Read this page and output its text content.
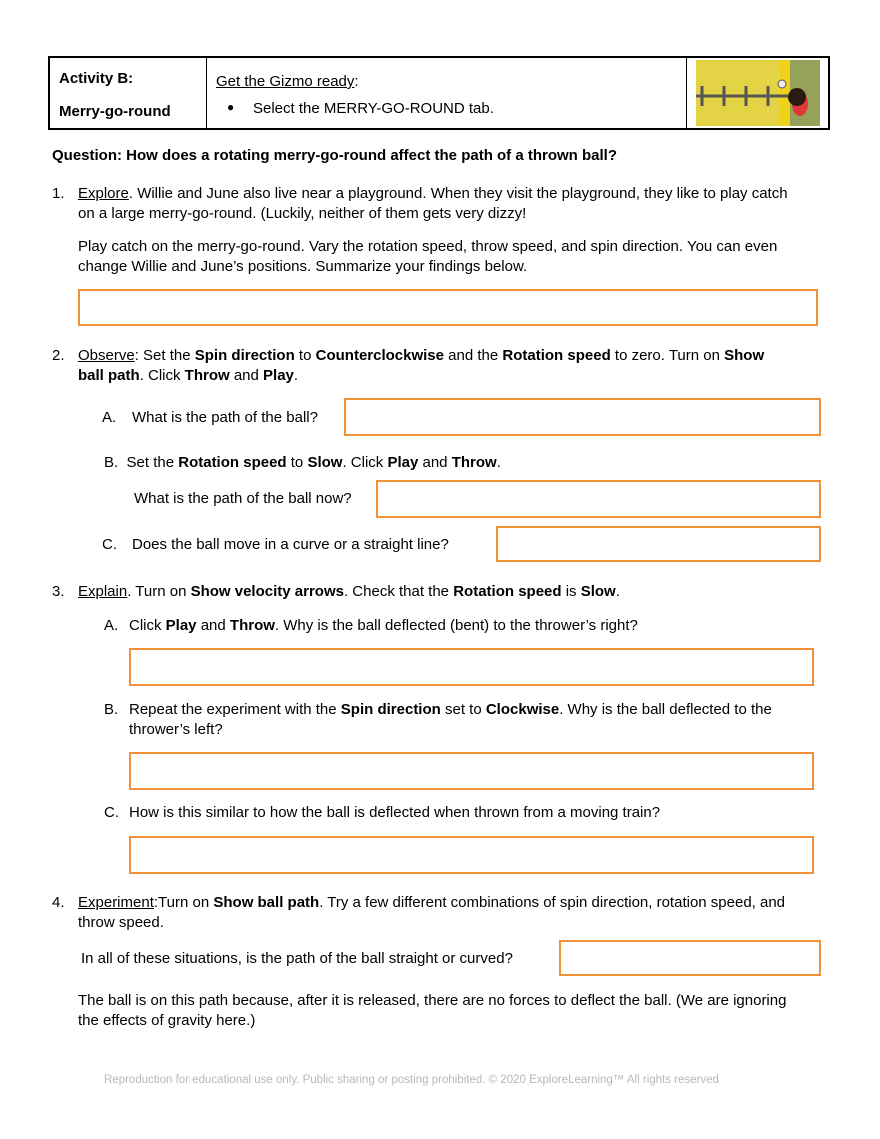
Activity B:
Merry-go-round
Get the Gizmo ready:
● Select the MERRY-GO-ROUND tab.
Question: How does a rotating merry-go-round affect the path of a thrown ball?
1. Explore. Willie and June also live near a playground. When they visit the playground, they like to play catch
on a large merry-go-round. (Luckily, neither of them gets very dizzy!
Play catch on the merry-go-round. Vary the rotation speed, throw speed, and spin direction. You can even
change Willie and June’s positions. Summarize your findings below.
2. Observe: Set the Spin direction to Counterclockwise and the Rotation speed to zero. Turn on Show
ball path. Click Throw and Play.
A. What is the path of the ball?
B. Set the Rotation speed to Slow. Click Play and Throw.
What is the path of the ball now?
C. Does the ball move in a curve or a straight line?
3. Explain. Turn on Show velocity arrows. Check that the Rotation speed is Slow.
A. Click Play and Throw. Why is the ball deflected (bent) to the thrower’s right?
B. Repeat the experiment with the Spin direction set to Clockwise. Why is the ball deflected to the
thrower’s left?
C. How is this similar to how the ball is deflected when thrown from a moving train?
4. Experiment:Turn on Show ball path. Try a few different combinations of spin direction, rotation speed, and
throw speed.
In all of these situations, is the path of the ball straight or curved?
The ball is on this path because, after it is released, there are no forces to deflect the ball. (We are ignoring
the effects of gravity here.)
Reproduction for educational use only. Public sharing or posting prohibited. © 2020 ExploreLearning™ All rights reserved
